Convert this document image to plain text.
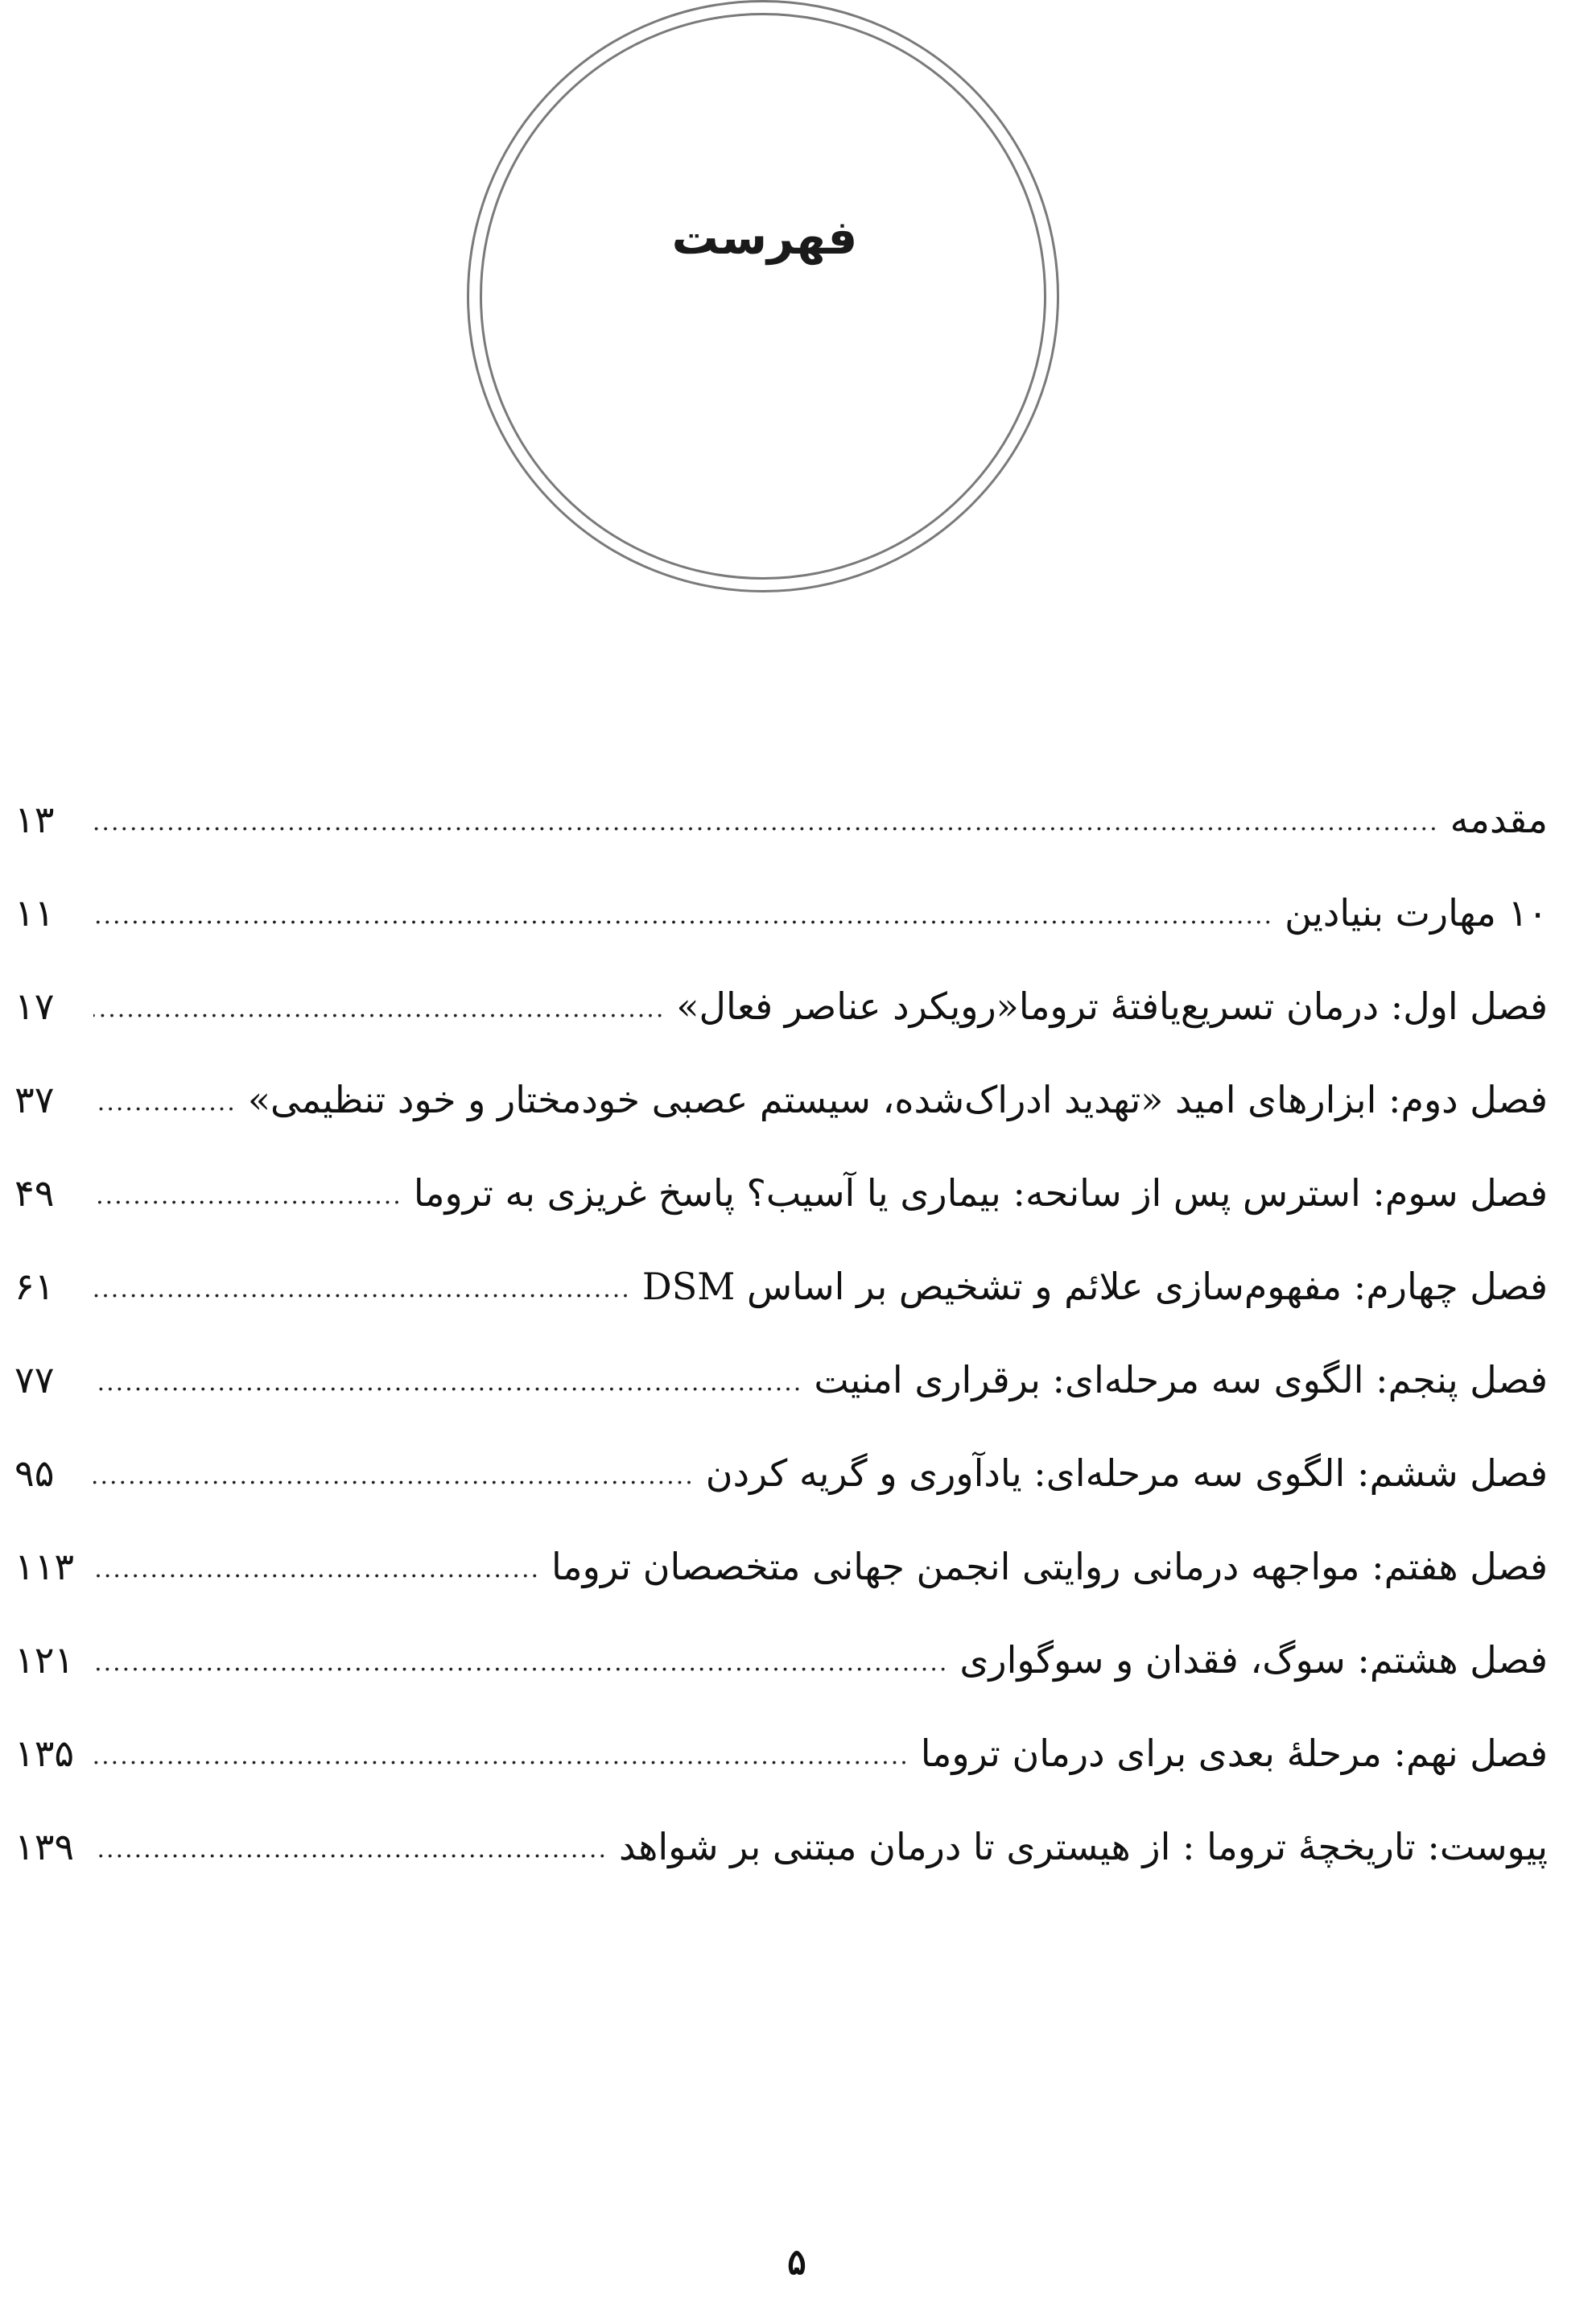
فهرست
مقدمه
.....
۱۳
۱۰ مهارت بنیادین
.....
۱۱
فصل اول: درمان تسریع‌یافتهٔ تروما«رویکرد عناصر فعال»
.....
۱۷
فصل دوم: ابزارهای امید «تهدید ادراک‌شده، سیستم عصبی خودمختار و خود تنظیمی»
.....
۳۷
فصل سوم: استرس پس از سانحه: بیماری یا آسیب؟ پاسخ غریزی به تروما
.....
۴۹
فصل چهارم: مفهوم‌سازی علائم و تشخیص بر اساس DSM
.....
۶۱
فصل پنجم: الگوی سه مرحله‌ای: برقراری امنیت
.....
۷۷
فصل ششم: الگوی سه مرحله‌ای: یادآوری و گریه کردن
.....
۹۵
فصل هفتم: مواجهه درمانی روایتی انجمن جهانی متخصصان تروما
.....
۱۱۳
فصل هشتم: سوگ، فقدان و سوگواری
.....
۱۲۱
فصل نهم: مرحلهٔ بعدی برای درمان تروما
.....
۱۳۵
پیوست: تاریخچهٔ تروما : از هیستری تا درمان مبتنی بر شواهد
.....
۱۳۹
۵
